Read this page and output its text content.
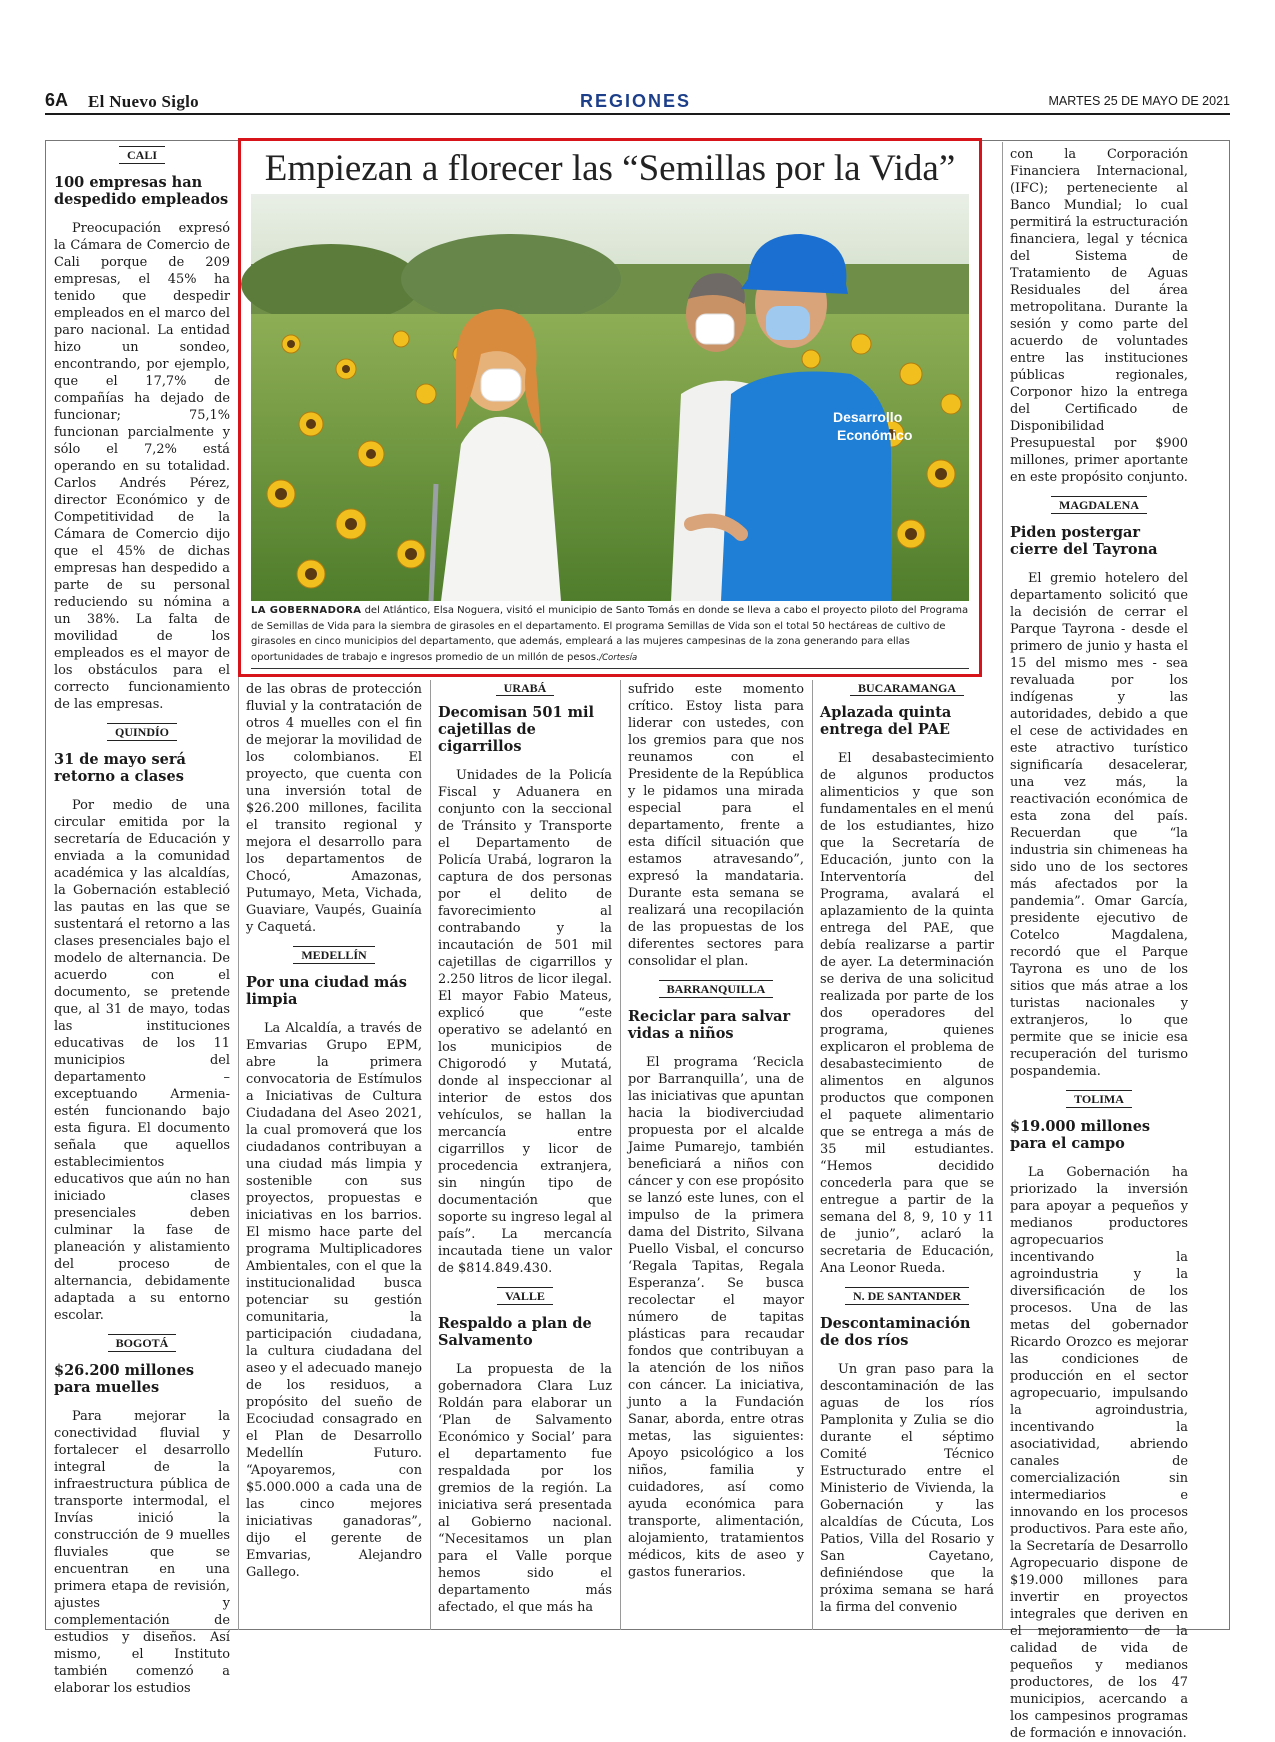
6A El Nuevo Siglo	REGIONES	MARTES 25 DE MAYO DE 2021
CALI
100 empresas han despedido empleados

Preocupación expresó la Cámara de Comercio de Cali porque de 209 empresas, el 45% ha tenido que despedir empleados en el marco del paro nacional. La entidad hizo un sondeo, encontrando, por ejemplo, que el 17,7% de compañías ha dejado de funcionar; 75,1% funcionan parcialmente y sólo el 7,2% está operando en su totalidad. Carlos Andrés Pérez, director Económico y de Competitividad de la Cámara de Comercio dijo que el 45% de dichas empresas han despedido a parte de su personal reduciendo su nómina a un 38%. La falta de movilidad de los empleados es el mayor de los obstáculos para el correcto funcionamiento de las empresas.

QUINDÍO
31 de mayo será retorno a clases

Por medio de una circular emitida por la secretaría de Educación y enviada a la comunidad académica y las alcaldías, la Gobernación estableció las pautas en las que se sustentará el retorno a las clases presenciales bajo el modelo de alternancia. De acuerdo con el documento, se pretende que, al 31 de mayo, todas las instituciones educativas de los 11 municipios del departamento –exceptuando Armenia- estén funcionando bajo esta figura. El documento señala que aquellos establecimientos educativos que aún no han iniciado clases presenciales deben culminar la fase de planeación y alistamiento del proceso de alternancia, debidamente adaptada a su entorno escolar.

BOGOTÁ
$26.200 millones para muelles

Para mejorar la conectividad fluvial y fortalecer el desarrollo integral de la infraestructura pública de transporte intermodal, el Invías inició la construcción de 9 muelles fluviales que se encuentran en una primera etapa de revisión, ajustes y complementación de estudios y diseños. Así mismo, el Instituto también comenzó a elaborar los estudios

de las obras de protección fluvial y la contratación de otros 4 muelles con el fin de mejorar la movilidad de los colombianos. El proyecto, que cuenta con una inversión total de $26.200 millones, facilita el transito regional y mejora el desarrollo para los departamentos de Chocó, Amazonas, Putumayo, Meta, Vichada, Guaviare, Vaupés, Guainía y Caquetá.

MEDELLÍN
Por una ciudad más limpia

La Alcaldía, a través de Emvarias Grupo EPM, abre la primera convocatoria de Estímulos a Iniciativas de Cultura Ciudadana del Aseo 2021, la cual promoverá que los ciudadanos contribuyan a una ciudad más limpia y sostenible con sus proyectos, propuestas e iniciativas en los barrios. El mismo hace parte del programa Multiplicadores Ambientales, con el que la institucionalidad busca potenciar su gestión comunitaria, la participación ciudadana, la cultura ciudadana del aseo y el adecuado manejo de los residuos, a propósito del sueño de Ecociudad consagrado en el Plan de Desarrollo Medellín Futuro. “Apoyaremos, con $5.000.000 a cada una de las cinco mejores iniciativas ganadoras”, dijo el gerente de Emvarias, Alejandro Gallego.

Decomisan 501 mil cajetillas de cigarrillos

Unidades de la Policía Fiscal y Aduanera en conjunto con la seccional de Tránsito y Transporte el Departamento de Policía Urabá, lograron la captura de dos personas por el delito de favorecimiento al contrabando y la incautación de 501 mil cajetillas de cigarrillos y 2.250 litros de licor ilegal. El mayor Fabio Mateus, explicó que “este operativo se adelantó en los municipios de Chigorodó y Mutatá, donde al inspeccionar al interior de estos dos vehículos, se hallan la mercancía entre cigarrillos y licor de procedencia extranjera, sin ningún tipo de documentación que soporte su ingreso legal al país”. La mercancía incautada tiene un valor de $814.849.430.

VALLE
Respaldo a plan de Salvamento

La propuesta de la gobernadora Clara Luz Roldán para elaborar un ‘Plan de Salvamento Económico y Social’ para el departamento fue respaldada por los gremios de la región. La iniciativa será presentada al Gobierno nacional. “Necesitamos un plan para el Valle porque hemos sido el departamento más afectado, el que más ha

URABÁ	sufrido este momento crítico. Estoy lista para liderar con ustedes, con los gremios para que nos reunamos con el Presidente de la República y le pidamos una mirada especial para el departamento, frente a esta difícil situación que estamos atravesando”, expresó la mandataria. Durante esta semana se realizará una recopilación de las propuestas de los diferentes sectores para consolidar el plan.

BARRANQUILLA
Reciclar para salvar vidas a niños

El programa ‘Recicla por Barranquilla’, una de las iniciativas que apuntan hacia la biodiverciudad propuesta por el alcalde Jaime Pumarejo, también beneficiará a niños con cáncer y con ese propósito se lanzó este lunes, con el impulso de la primera dama del Distrito, Silvana Puello Visbal, el concurso ‘Regala Tapitas, Regala Esperanza’. Se busca recolectar el mayor número de tapitas plásticas para recaudar fondos que contribuyan a la atención de los niños con cáncer. La iniciativa, junto a la Fundación Sanar, aborda, entre otras metas, las siguientes: Apoyo psicológico a los niños, familia y cuidadores, así como ayuda económica para transporte, alimentación, alojamiento, tratamientos médicos, kits de aseo y gastos funerarios.

BUCARAMANGA
Aplazada quinta entrega del PAE

El desabastecimiento de algunos productos alimenticios y que son fundamentales en el menú de los estudiantes, hizo que la Secretaría de Educación, junto con la Interventoría del Programa, avalará el aplazamiento de la quinta entrega del PAE, que debía realizarse a partir de ayer. La determinación se deriva de una solicitud realizada por parte de los dos operadores del programa, quienes explicaron el problema de desabastecimiento de alimentos en algunos productos que componen el paquete alimentario que se entrega a más de 35 mil estudiantes. “Hemos decidido concederla para que se entregue a partir de la semana del 8, 9, 10 y 11 de junio”, aclaró la secretaria de Educación, Ana Leonor Rueda.

N. DE SANTANDER
Descontaminación de dos ríos

Un gran paso para la descontaminación de las aguas de los ríos Pamplonita y Zulia se dio durante el séptimo Comité Técnico Estructurado entre el Ministerio de Vivienda, la Gobernación y las alcaldías de Cúcuta, Los Patios, Villa del Rosario y San Cayetano, definiéndose que la próxima semana se hará la firma del convenio

con la Corporación Financiera Internacional,(IFC); perteneciente al Banco Mundial; lo cual permitirá la estructuración financiera, legal y técnica del Sistema de Tratamiento de Aguas Residuales del área metropolitana. Durante la sesión y como parte del acuerdo de voluntades entre las instituciones públicas regionales, Corponor hizo la entrega del Certificado de Disponibilidad Presupuestal por $900 millones, primer aportante en este propósito conjunto.

MAGDALENA
Piden postergar cierre del Tayrona

El gremio hotelero del departamento solicitó que la decisión de cerrar el Parque Tayrona - desde el primero de junio y hasta el 15 del mismo mes - sea revaluada por los indígenas y las autoridades, debido a que el cese de actividades en este atractivo turístico significaría desacelerar, una vez más, la reactivación económica de esta zona del país. Recuerdan que “la industria sin chimeneas ha sido uno de los sectores más afectados por la pandemia”. Omar García, presidente ejecutivo de Cotelco Magdalena, recordó que el Parque Tayrona es uno de los sitios que más atrae a los turistas nacionales y extranjeros, lo que permite que se inicie esa recuperación del turismo pospandemia.

TOLIMA
$19.000 millones para el campo

La Gobernación ha priorizado la inversión para apoyar a pequeños y medianos productores agropecuarios incentivando la agroindustria y la diversificación de los procesos. Una de las metas del gobernador Ricardo Orozco es mejorar las condiciones de producción en el sector agropecuario, impulsando la agroindustria, incentivando la asociatividad, abriendo canales de comercialización sin intermediarios e innovando en los procesos productivos. Para este año, la Secretaría de Desarrollo Agropecuario dispone de $19.000 millones para invertir en proyectos integrales que deriven en el mejoramiento de la calidad de vida de pequeños y medianos productores, de los 47 municipios, acercando a los campesinos programas de formación e innovación.

Empiezan a florecer las “Semillas por la Vida”
Desarrollo
Económico
LA GOBERNADORA del Atlántico, Elsa Noguera, visitó el municipio de Santo Tomás en donde se lleva a cabo el proyecto piloto del Programa de Semillas de Vida para la siembra de girasoles en el departamento. El programa Semillas de Vida son el total 50 hectáreas de cultivo de girasoles en cinco municipios del departamento, que además, empleará a las mujeres campesinas de la zona generando para ellas oportunidades de trabajo e ingresos promedio de un millón de pesos./Cortesía
